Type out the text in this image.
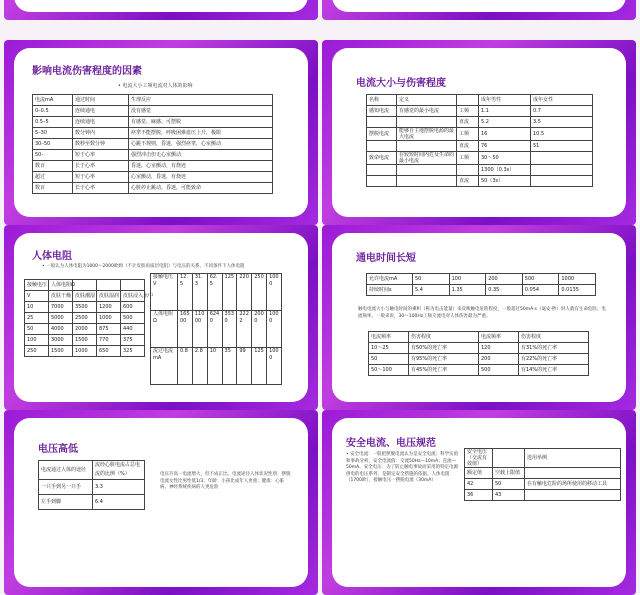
影响电流伤害程度的因素
• 电流大小工频电流对人体的影响
电流mA	通过时间	生理反应
0–0.5	连续通电	没有感觉
0.5–5	连续通电	有感觉、麻感、可摆脱
5–30	数分钟内	痉挛不能摆脱，呼吸困难血压上升，极限
30–50	数秒至数分钟	心跳不规则，昏迷，强烈痉挛，心室颤动
50-	短于心率	强烈冲击但无心室颤动
数百	长于心率	昏迷，心室颤动，有烧迹
超过	短于心率	心室颤动，昏迷，有烧迹
数百	长于心率	心脏停止跳动，昏迷，可能致命
电流大小与伤害程度
名称	定义		成年男性	成年女性
感知电流	有感觉的最小电流	工频	1.1	0.7
		直流	5.2	3.5
摆脱电流	能够自主地摆脱电源的最大电流	工频	16	10.5
		直流	76	51
致命电流	在较短时间内危及生命的最小电流	工频	30～50	
			1300（0.3s）	
		直流	50（3s）	
人体电阻
• 一般认为人体电阻为1000～2000欧姆（不计皮肤角质层电阻）与电压的关系，不同条件下人体电阻
接触电压	人体电阻Ω			
V	皮肤干燥	皮肤潮湿	皮肤湿润	皮肤浸入水中
10	7000	3500	1200	600
25	5000	2500	1000	500
50	4000	2000	875	440
100	3000	1500	770	375
250	1500	1000	650	325
接触电压V	12.5	31.3	62.5	125	220	250	1000
人体电阻Ω	16500	11000	6240	3530	2222	2000	1000
流过电流mA	0.8	2.8	10	35	99	125	1000
通电时间长短
允许电流mA	50	100	200	500	1000
持续时间s	5.4	1.35	0.35	0.054	0.0135
触电电流大小与触电时间的乘积（称为电击能量）来反映触电危险程度，一般超过50mA·s（毫安·秒）时人就有生命危险。电流频率，一般来说，30～100Hz工频交流电对人体伤害最为严重。
电流频率	伤害程度	电流频率	伤害程度
10～25	有50%的死亡率	120	有31%的死亡率
50	有95%的死亡率	200	有22%的死亡率
50～100	有45%的死亡率	500	有14%的死亡率
电压高低
电流通过人体的途径	流经心脏电流占总电流的比例（%）
一只手到另一只手	3.3
左手到脚	6.4
电压升高一电流增大，但不成正比。电流途径人体状况性别：摆脱电流女性比男性低1/3；年龄：小孩比成年人更重；健康：心脏病、神经系统疾病的人更危险
安全电流、电压规范
• 安全电流：一般把摆脱电流认为是安全电流；科学实验和事故分析，安全电流值：交流50Hz—10mA；直流—50mA。安全电压：为了防止触电事故而采用的特定电源供电的电压系列，是制定安全措施的依据。人体电阻（1700欧），接触电压一摆脱电流（30mA）
安全电压（交流有效值）		选用举例
额定值	空载上限值	
42	50	在有触电危险的场所使用的移动工具
36	43	
